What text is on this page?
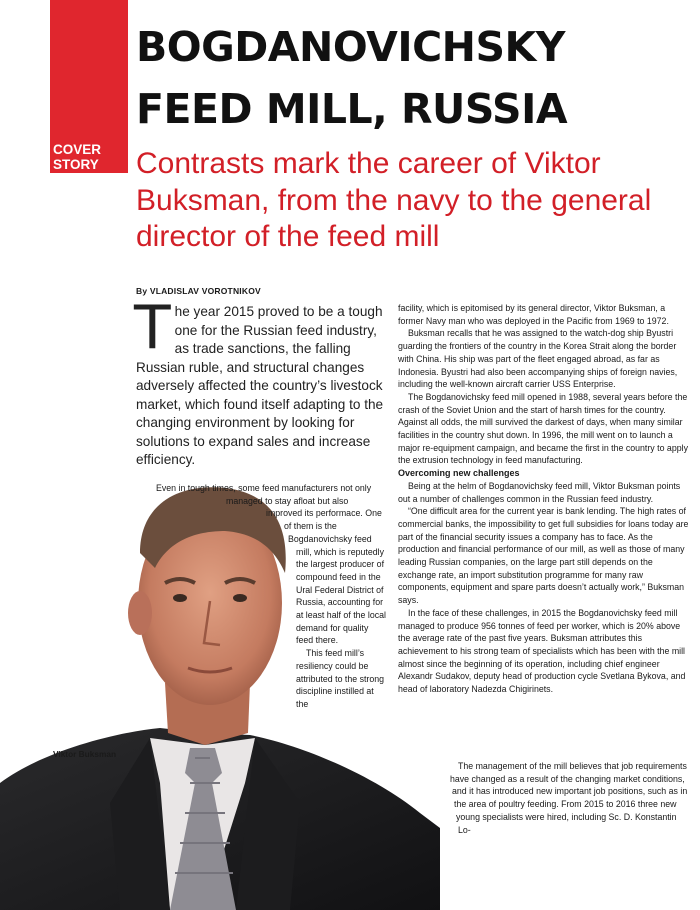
COVER
STORY
BOGDANOVICHSKY
FEED MILL, RUSSIA
Contrasts mark the career of Viktor Buksman, from the navy to the general director of the feed mill
By VLADISLAV VOROTNIKOV
The year 2015 proved to be a tough one for the Russian feed industry, as trade sanctions, the falling Russian ruble, and structural changes adversely affected the country’s livestock market, which found itself adapting to the changing environment by looking for solutions to expand sales and increase efficiency.

Even in tough times, some feed manufacturers not only managed to stay afloat but also improved its performace. One of them is the Bogdanovichsky feed mill, which is reputedly the largest producer of compound feed in the Ural Federal District of Russia, accounting for at least half of the local demand for quality feed there.

This feed mill’s resiliency could be attributed to the strong discipline instilled at the

Viktor Buksman

facility, which is epitomised by its general director, Viktor Buksman, a former Navy man who was deployed in the Pacific from 1969 to 1972.

Buksman recalls that he was assigned to the watch-dog ship Byustri guarding the frontiers of the country in the Korea Strait along the border with China. His ship was part of the fleet engaged abroad, as far as Indonesia. Byustri had also been accompanying ships of foreign navies, including the well-known aircraft carrier USS Enterprise.

The Bogdanovichsky feed mill opened in 1988, several years before the crash of the Soviet Union and the start of harsh times for the country. Against all odds, the mill survived the darkest of days, when many similar facilities in the country shut down. In 1996, the mill went on to launch a major re-equipment campaign, and became the first in the country to apply the extrusion technology in feed manufacturing.

Overcoming new challenges

Being at the helm of Bogdanovichsky feed mill, Viktor Buksman points out a number of challenges common in the Russian feed industry.

“One difficult area for the current year is bank lending. The high rates of commercial banks, the impossibility to get full subsidies for loans today are part of the financial security issues a company has to face. As the production and financial performance of our mill, as well as those of many leading Russian companies, on the large part still depends on the exchange rate, an import substitution programme for many raw components, equipment and spare parts doesn’t actually work,” Buksman says.

In the face of these challenges, in 2015 the Bogdanovichsky feed mill managed to produce 956 tonnes of feed per worker, which is 20% above the average rate of the past five years. Buksman attributes this achievement to his strong team of specialists which has been with the mill almost since the beginning of its operation, including chief engineer Alexandr Sudakov, deputy head of production cycle Svetlana Bykova, and head of laboratory Nadezda Chigirinets.

The management of the mill believes that job requirements have changed as a result of the changing market conditions, and it has introduced new important job positions, such as in the area of poultry feeding. From 2015 to 2016 three new young specialists were hired, including Sc. D. Konstantin Lo-
